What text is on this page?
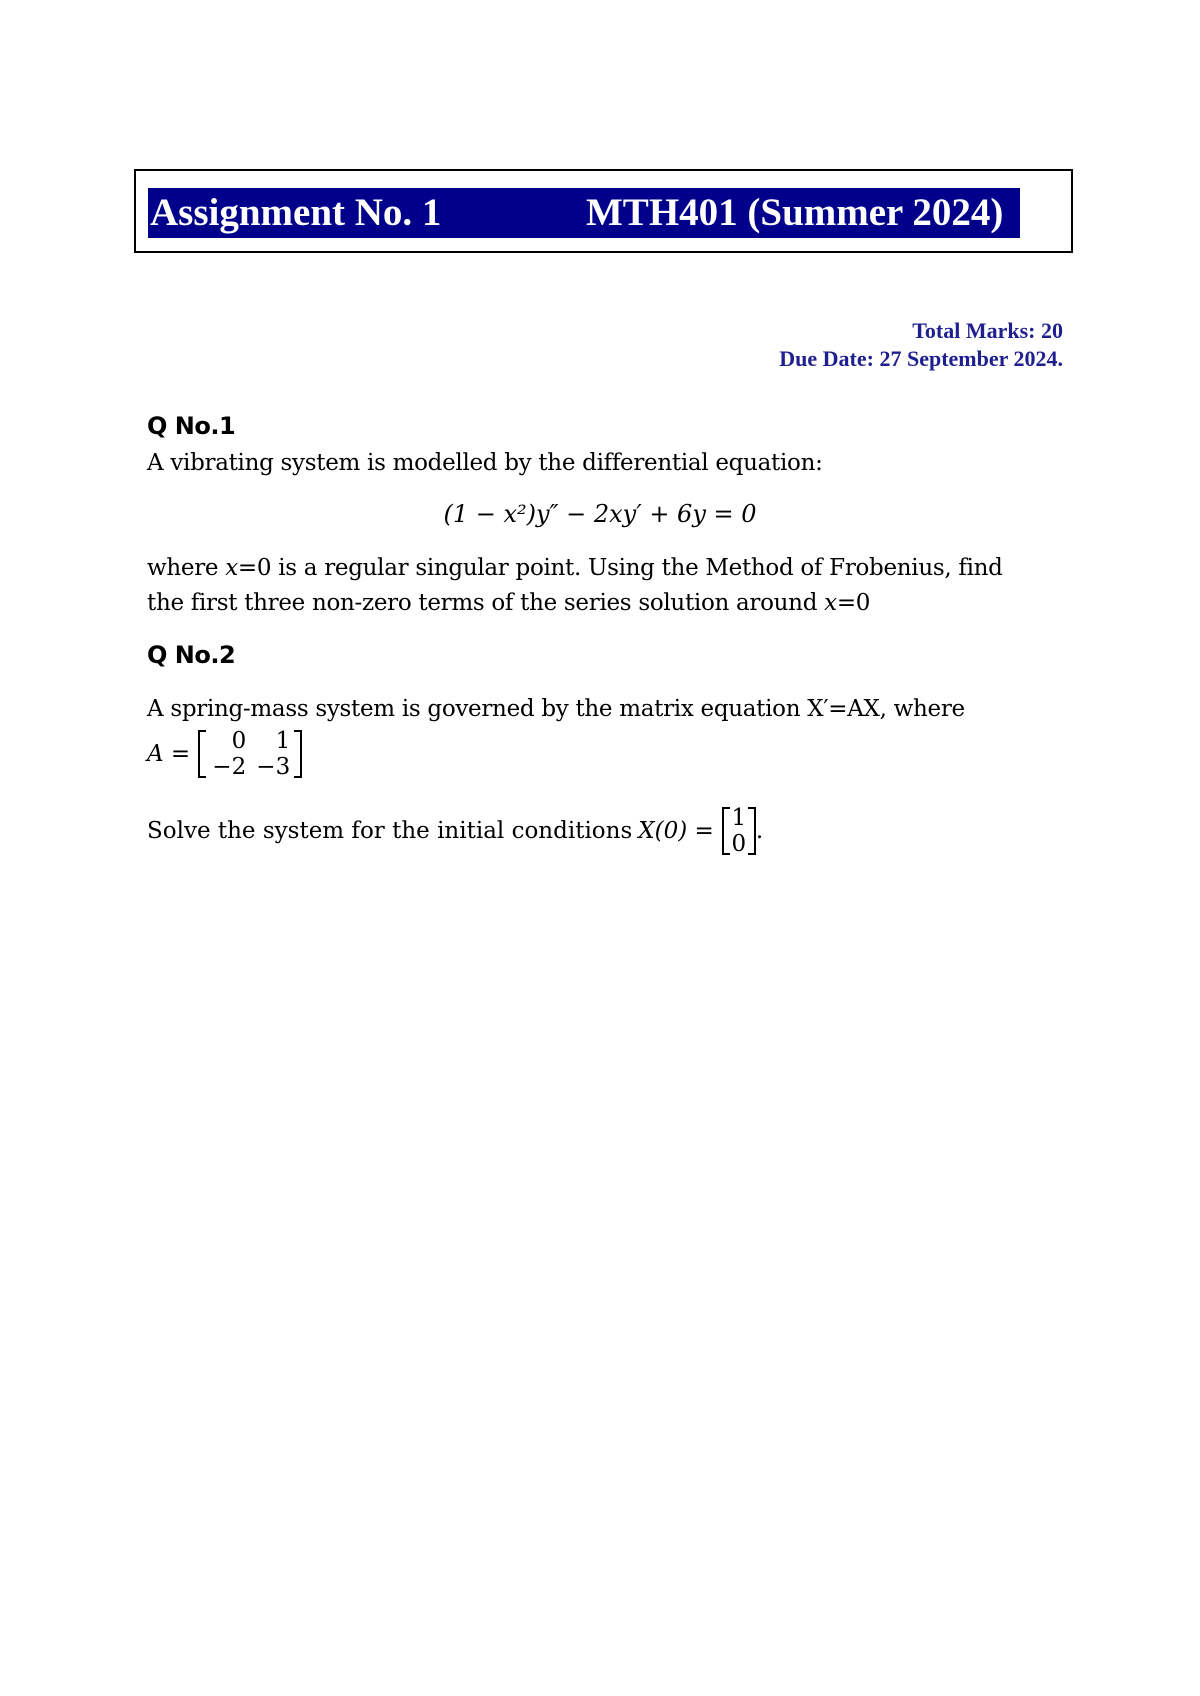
Assignment No. 1	MTH401 (Summer 2024)
Total Marks: 20
Due Date: 27 September 2024.
Q No.1
A vibrating system is modelled by the differential equation:
(1 − x²)y″ − 2xy′ + 6y = 0
where x=0 is a regular singular point. Using the Method of Frobenius, find
the first three non-zero terms of the series solution around x=0
Q No.2
A spring-mass system is governed by the matrix equation X′=AX, where
A =	0	1
−2 −3
Solve the system for the initial conditions X(0) = 1
0 .
